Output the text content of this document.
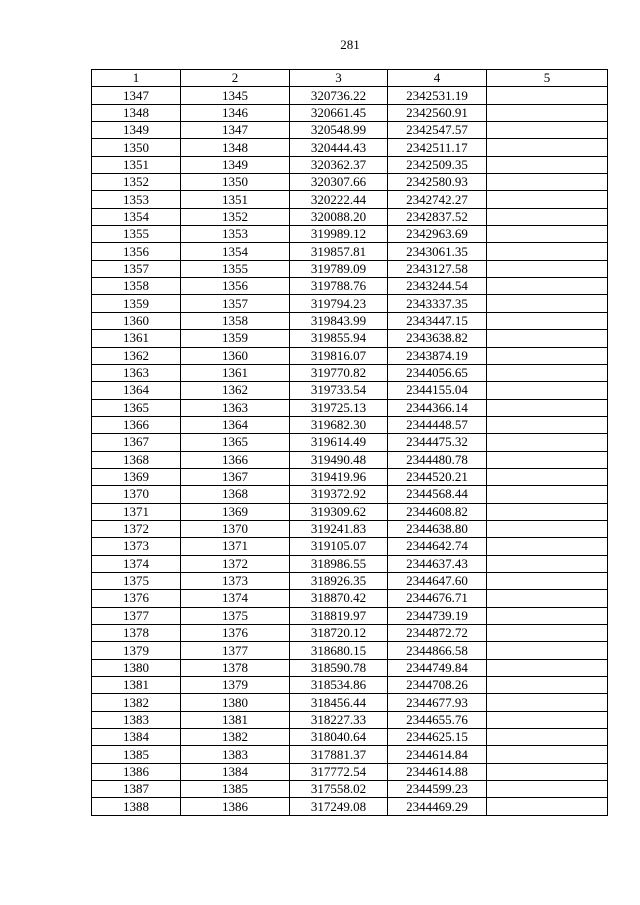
281
1	2	3	4	5
1347	1345	320736.22	2342531.19	
1348	1346	320661.45	2342560.91	
1349	1347	320548.99	2342547.57	
1350	1348	320444.43	2342511.17	
1351	1349	320362.37	2342509.35	
1352	1350	320307.66	2342580.93	
1353	1351	320222.44	2342742.27	
1354	1352	320088.20	2342837.52	
1355	1353	319989.12	2342963.69	
1356	1354	319857.81	2343061.35	
1357	1355	319789.09	2343127.58	
1358	1356	319788.76	2343244.54	
1359	1357	319794.23	2343337.35	
1360	1358	319843.99	2343447.15	
1361	1359	319855.94	2343638.82	
1362	1360	319816.07	2343874.19	
1363	1361	319770.82	2344056.65	
1364	1362	319733.54	2344155.04	
1365	1363	319725.13	2344366.14	
1366	1364	319682.30	2344448.57	
1367	1365	319614.49	2344475.32	
1368	1366	319490.48	2344480.78	
1369	1367	319419.96	2344520.21	
1370	1368	319372.92	2344568.44	
1371	1369	319309.62	2344608.82	
1372	1370	319241.83	2344638.80	
1373	1371	319105.07	2344642.74	
1374	1372	318986.55	2344637.43	
1375	1373	318926.35	2344647.60	
1376	1374	318870.42	2344676.71	
1377	1375	318819.97	2344739.19	
1378	1376	318720.12	2344872.72	
1379	1377	318680.15	2344866.58	
1380	1378	318590.78	2344749.84	
1381	1379	318534.86	2344708.26	
1382	1380	318456.44	2344677.93	
1383	1381	318227.33	2344655.76	
1384	1382	318040.64	2344625.15	
1385	1383	317881.37	2344614.84	
1386	1384	317772.54	2344614.88	
1387	1385	317558.02	2344599.23	
1388	1386	317249.08	2344469.29	
